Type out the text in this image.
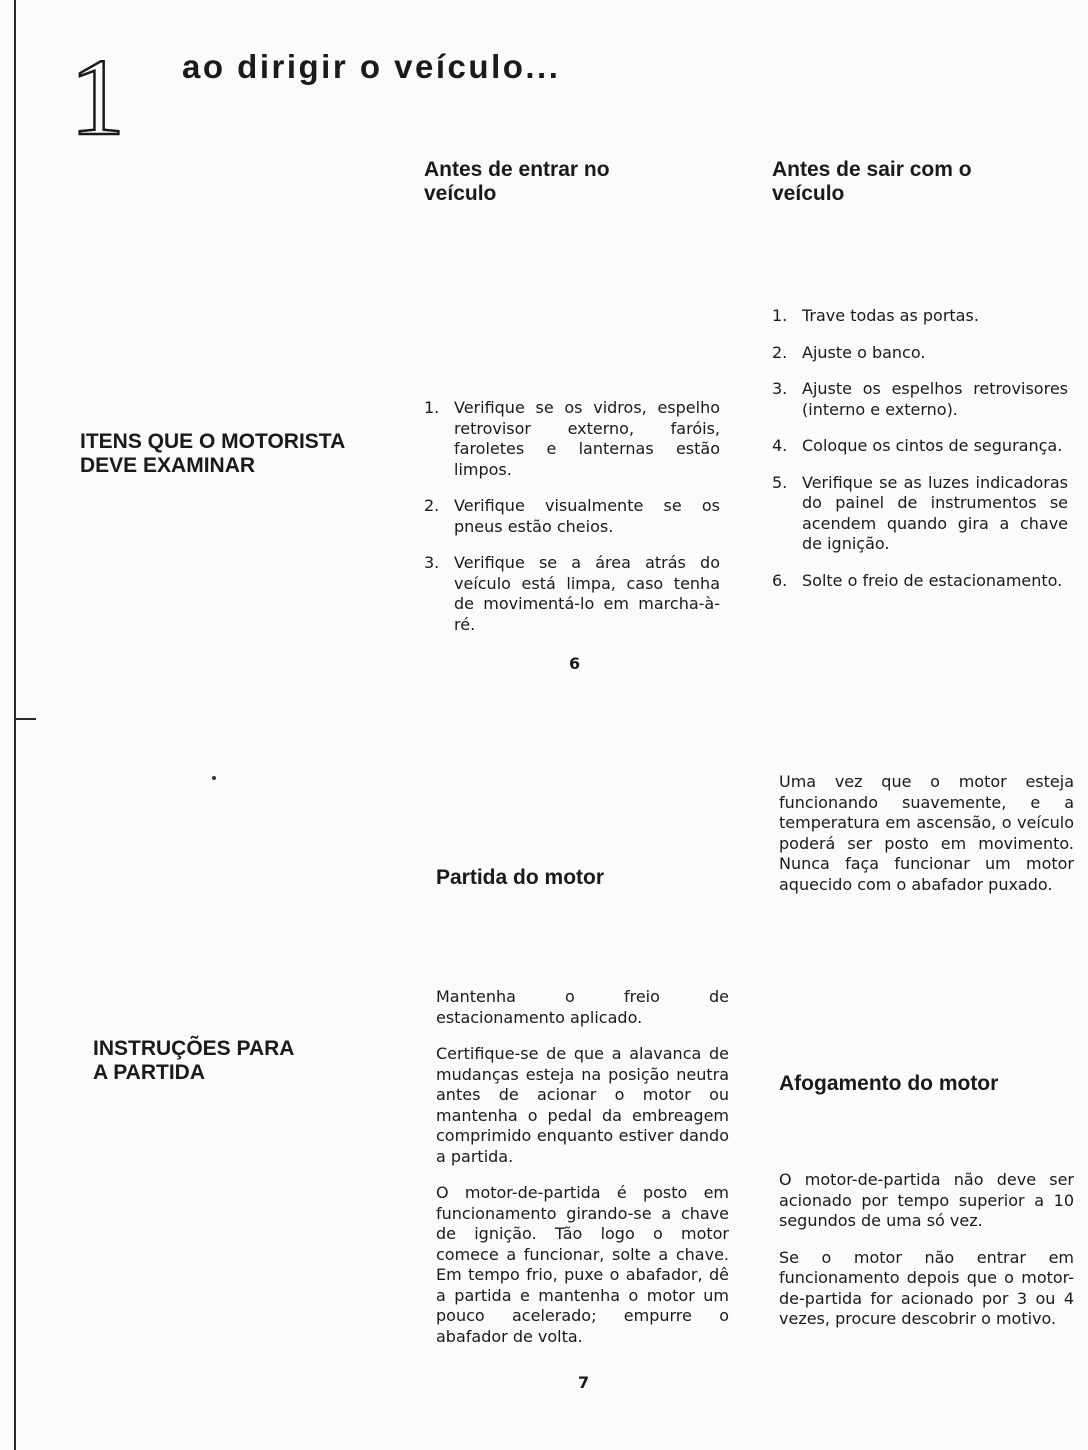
1 ao dirigir o veículo...
ITENS QUE O MOTORISTA
DEVE EXAMINAR
Antes de entrar no
veículo
1. Verifique se os vidros, espelho retrovisor externo, faróis, faroletes e lanternas estão limpos.
2. Verifique visualmente se os pneus estão cheios.
3. Verifique se a área atrás do veículo está limpa, caso tenha de movimentá-lo em marcha-à-ré.
Antes de sair com o
veículo
1. Trave todas as portas.
2. Ajuste o banco.
3. Ajuste os espelhos retrovisores (interno e externo).
4. Coloque os cintos de segurança.
5. Verifique se as luzes indicadoras do painel de instrumentos se acendem quando gira a chave de ignição.
6. Solte o freio de estacionamento.
6
INSTRUÇÕES PARA
A PARTIDA
Partida do motor

Mantenha o freio de estacionamento aplicado.

Certifique-se de que a alavanca de mudanças esteja na posição neutra antes de acionar o motor ou mantenha o pedal da embreagem comprimido enquanto estiver dando a partida.

O motor-de-partida é posto em funcionamento girando-se a chave de ignição. Tão logo o motor comece a funcionar, solte a chave. Em tempo frio, puxe o abafador, dê a partida e mantenha o motor um pouco acelerado; empurre o abafador de volta.

Uma vez que o motor esteja funcionando suavemente, e a temperatura em ascensão, o veículo poderá ser posto em movimento. Nunca faça funcionar um motor aquecido com o abafador puxado.
Afogamento do motor

O motor-de-partida não deve ser acionado por tempo superior a 10 segundos de uma só vez.

Se o motor não entrar em funcionamento depois que o motor-de-partida for acionado por 3 ou 4 vezes, procure descobrir o motivo.

7
